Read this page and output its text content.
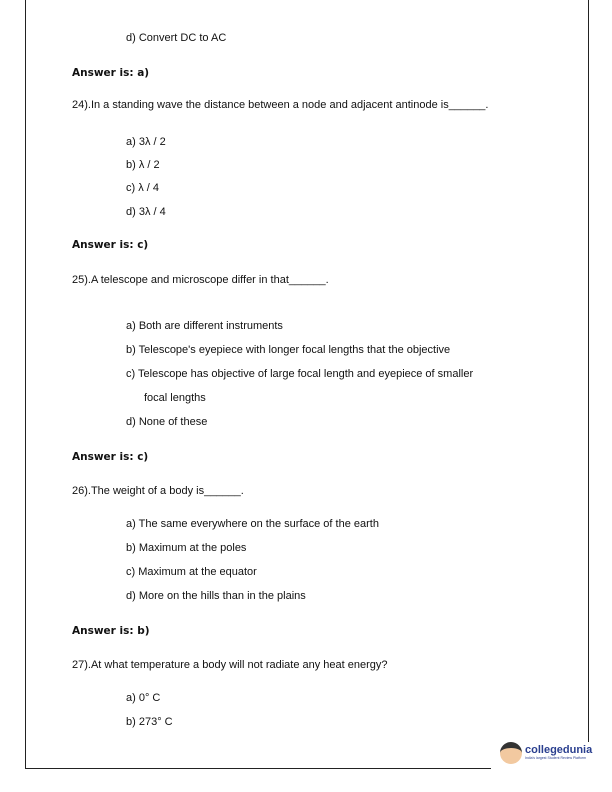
d) Convert DC to AC
Answer is: a)
24).In a standing wave the distance between a node and adjacent antinode is______.
a) 3λ / 2
b) λ / 2
c) λ / 4
d) 3λ / 4
Answer is: c)
25).A telescope and microscope differ in that______.
a) Both are different instruments
b) Telescope's eyepiece with longer focal lengths that the objective
c) Telescope has objective of large focal length and eyepiece of smaller
focal lengths
d) None of these
Answer is: c)
26).The weight of a body is______.
a) The same everywhere on the surface of the earth
b) Maximum at the poles
c) Maximum at the equator
d) More on the hills than in the plains
Answer is: b)
27).At what temperature a body will not radiate any heat energy?
a) 0° C
b) 273° C
collegedunia
India's largest Student Review Platform
